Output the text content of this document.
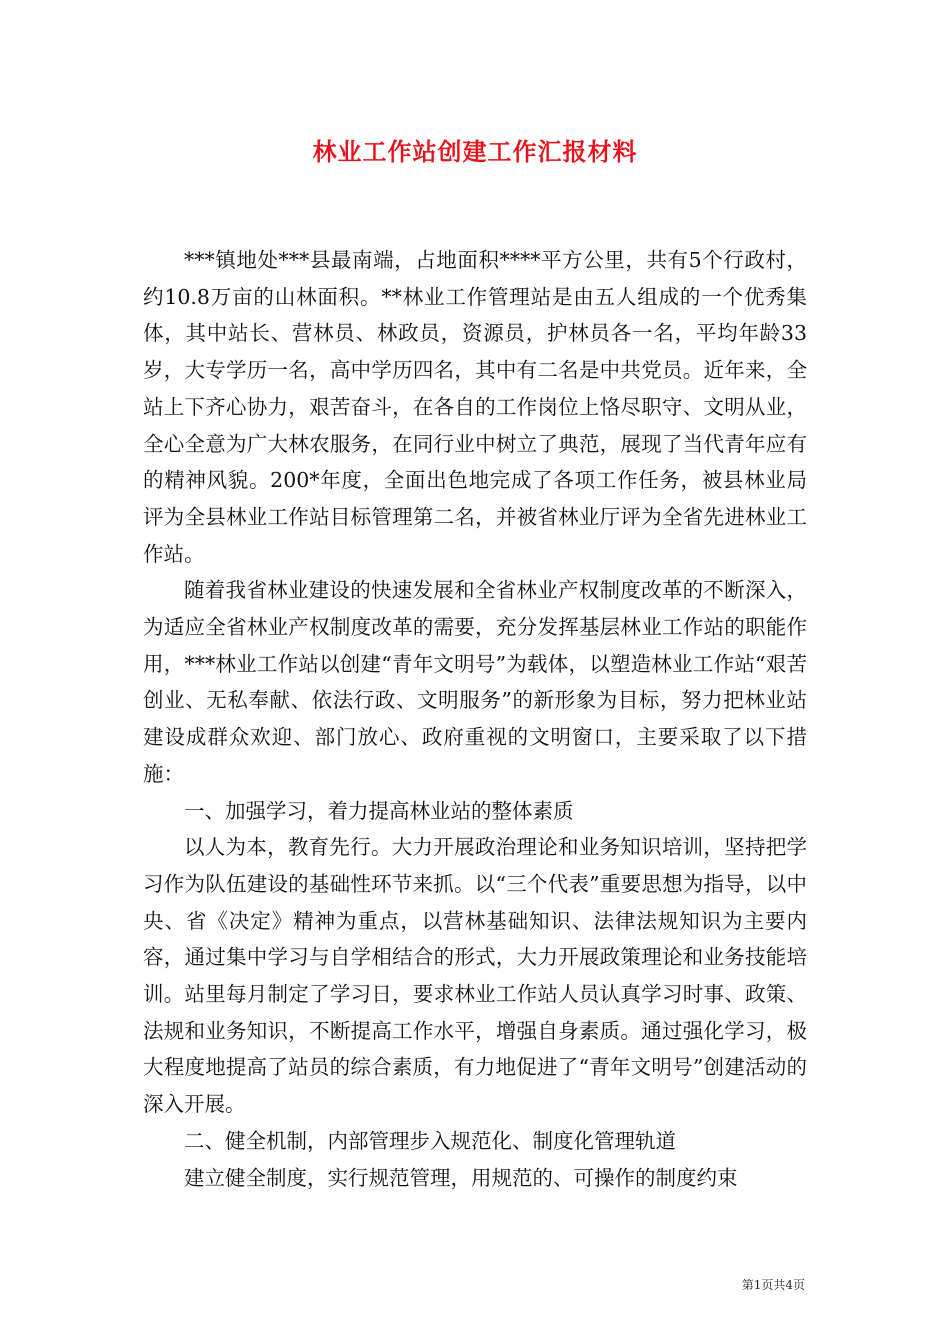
林业工作站创建工作汇报材料

***镇地处***县最南端，占地面积****平方公里，共有5个行政村，约10.8万亩的山林面积。**林业工作管理站是由五人组成的一个优秀集体，其中站长、营林员、林政员，资源员，护林员各一名，平均年龄33岁，大专学历一名，高中学历四名，其中有二名是中共党员。近年来，全站上下齐心协力，艰苦奋斗，在各自的工作岗位上恪尽职守、文明从业，全心全意为广大林农服务，在同行业中树立了典范，展现了当代青年应有的精神风貌。200*年度，全面出色地完成了各项工作任务，被县林业局评为全县林业工作站目标管理第二名，并被省林业厅评为全省先进林业工作站。

随着我省林业建设的快速发展和全省林业产权制度改革的不断深入，为适应全省林业产权制度改革的需要，充分发挥基层林业工作站的职能作用，***林业工作站以创建“青年文明号”为载体，以塑造林业工作站“艰苦创业、无私奉献、依法行政、文明服务”的新形象为目标，努力把林业站建设成群众欢迎、部门放心、政府重视的文明窗口，主要采取了以下措施：

一、加强学习，着力提高林业站的整体素质

以人为本，教育先行。大力开展政治理论和业务知识培训，坚持把学习作为队伍建设的基础性环节来抓。以“三个代表”重要思想为指导，以中央、省《决定》精神为重点，以营林基础知识、法律法规知识为主要内容，通过集中学习与自学相结合的形式，大力开展政策理论和业务技能培训。站里每月制定了学习日，要求林业工作站人员认真学习时事、政策、法规和业务知识，不断提高工作水平，增强自身素质。通过强化学习，极大程度地提高了站员的综合素质，有力地促进了“青年文明号”创建活动的深入开展。

二、健全机制，内部管理步入规范化、制度化管理轨道

建立健全制度，实行规范管理，用规范的、可操作的制度约束

第1页共4页
